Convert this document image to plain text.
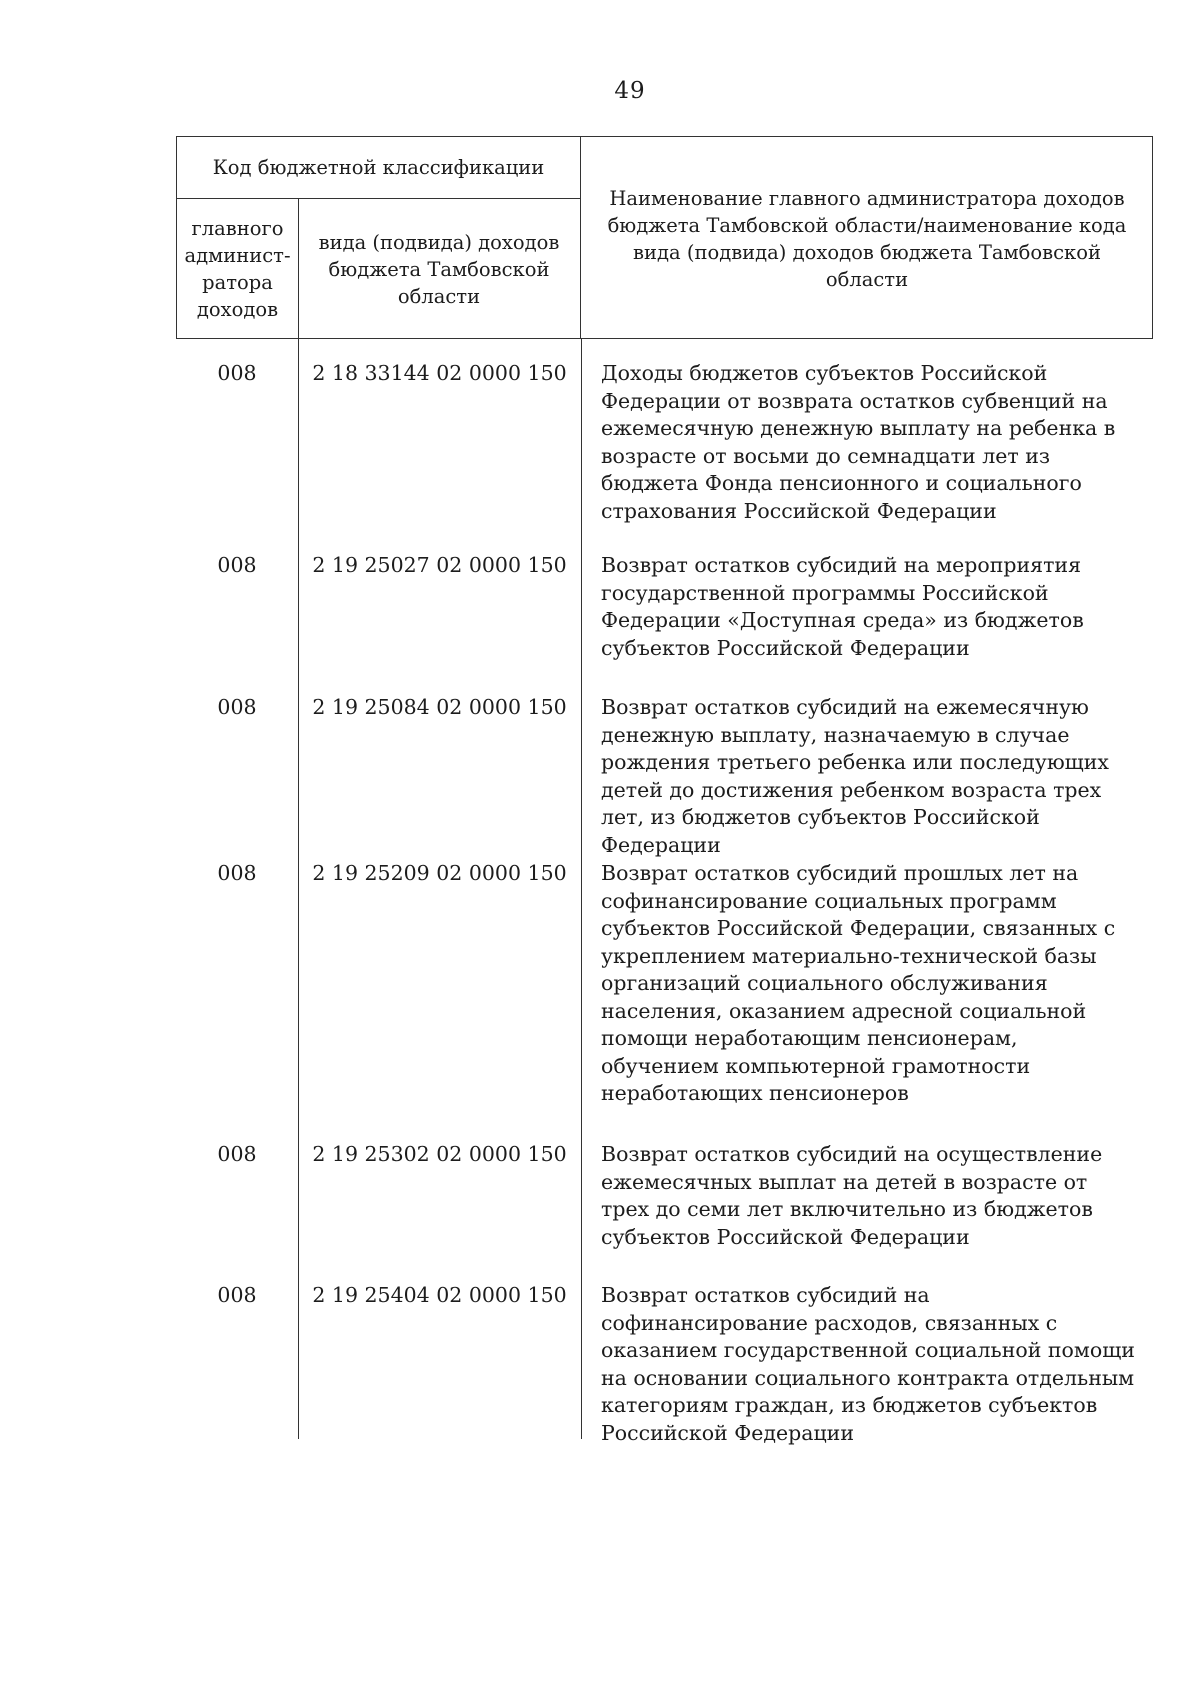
49
Код бюджетной классификации
главного админист-ратора доходов
вида (подвида) доходов бюджета Тамбовской области
Наименование главного администратора доходов бюджета Тамбовской области/наименование кода вида (подвида) доходов бюджета Тамбовской области
008	2 18 33144 02 0000 150	Доходы бюджетов субъектов Российской Федерации от возврата остатков субвенций на ежемесячную денежную выплату на ребенка в возрасте от восьми до семнадцати лет из бюджета Фонда пенсионного и социального страхования Российской Федерации
008	2 19 25027 02 0000 150	Возврат остатков субсидий на мероприятия государственной программы Российской Федерации «Доступная среда» из бюджетов субъектов Российской Федерации
008	2 19 25084 02 0000 150	Возврат остатков субсидий на ежемесячную денежную выплату, назначаемую в случае рождения третьего ребенка или последующих детей до достижения ребенком возраста трех лет, из бюджетов субъектов Российской Федерации
008	2 19 25209 02 0000 150	Возврат остатков субсидий прошлых лет на софинансирование социальных программ субъектов Российской Федерации, связанных с укреплением материально-технической базы организаций социального обслуживания населения, оказанием адресной социальной помощи неработающим пенсионерам, обучением компьютерной грамотности неработающих пенсионеров
008	2 19 25302 02 0000 150	Возврат остатков субсидий на осуществление ежемесячных выплат на детей в возрасте от трех до семи лет включительно из бюджетов субъектов Российской Федерации
008	2 19 25404 02 0000 150	Возврат остатков субсидий на софинансирование расходов, связанных с оказанием государственной социальной помощи на основании социального контракта отдельным категориям граждан, из бюджетов субъектов Российской Федерации
